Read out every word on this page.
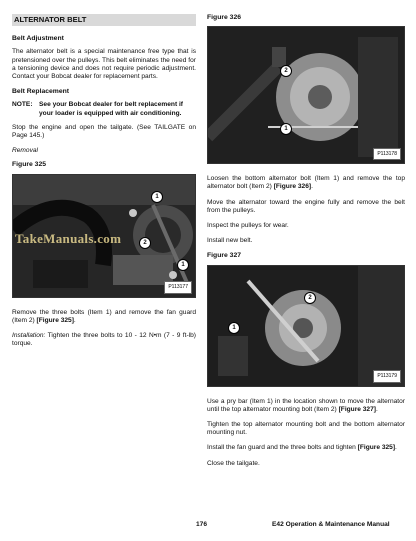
ALTERNATOR BELT
Belt Adjustment

The alternator belt is a special maintenance free type that is pretensioned over the pulleys. This belt eliminates the need for a tensioning device and does not require periodic adjustment. Contact your Bobcat dealer for replacement parts.

Belt Replacement
NOTE: See your Bobcat dealer for belt replacement if your loader is equipped with air conditioning.

Stop the engine and open the tailgate. (See TAILGATE on Page 145.)

Removal
Figure 325
TakeManuals.com
1
2
1
P113177

Remove the three bolts (Item 1) and remove the fan guard (Item 2) [Figure 325].

Installation: Tighten the three bolts to 10 - 12 N•m (7 - 9 ft-lb) torque.

Figure 326
2
1
P113178

Loosen the bottom alternator bolt (Item 1) and remove the top alternator bolt (Item 2) [Figure 326].

Move the alternator toward the engine fully and remove the belt from the pulleys.

Inspect the pulleys for wear.

Install new belt.

Figure 327
2
1
P113179

Use a pry bar (Item 1) in the location shown to move the alternator until the top alternator mounting bolt (Item 2) [Figure 327].

Tighten the top alternator mounting bolt and the bottom alternator mounting nut.

Install the fan guard and the three bolts and tighten [Figure 325].

Close the tailgate.

176	E42 Operation & Maintenance Manual
